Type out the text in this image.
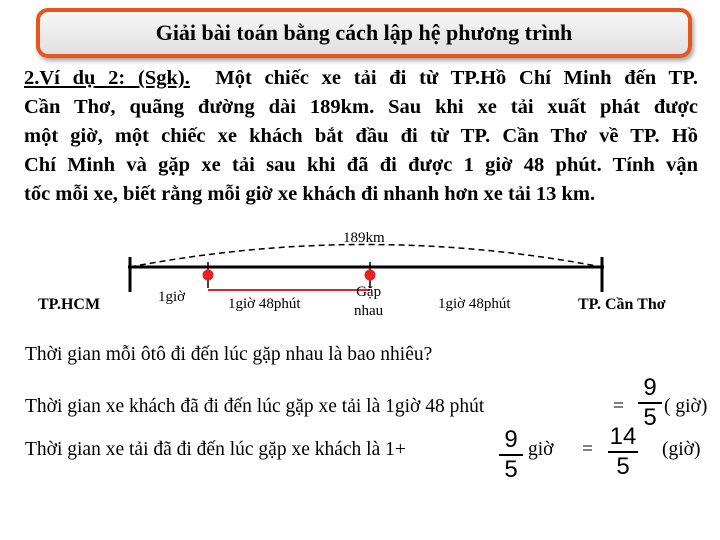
Giải bài toán bằng cách lập hệ phương trình
2.Ví dụ 2: (Sgk). Một chiếc xe tải đi từ TP.Hồ Chí Minh đến TP.
Cần Thơ, quãng đường dài 189km. Sau khi xe tải xuất phát được
một giờ, một chiếc xe khách bắt đầu đi từ TP. Cần Thơ về TP. Hồ
Chí Minh và gặp xe tải sau khi đã đi được 1 giờ 48 phút. Tính vận
tốc mỗi xe, biết rằng mỗi giờ xe khách đi nhanh hơn xe tải 13 km.
189km
TP.HCM	1giờ	1giờ 48phút
Gặp
nhau	1giờ 48phút	TP. Cần Thơ
Thời gian mỗi ôtô đi đến lúc gặp nhau là bao nhiêu?
Thời gian xe khách đã đi đến lúc gặp xe tải là 1giờ 48 phút	=
9
5 ( giờ)
Thời gian xe tải đã đi đến lúc gặp xe khách là 1+	9
5
giờ = 14
5
(giờ)
